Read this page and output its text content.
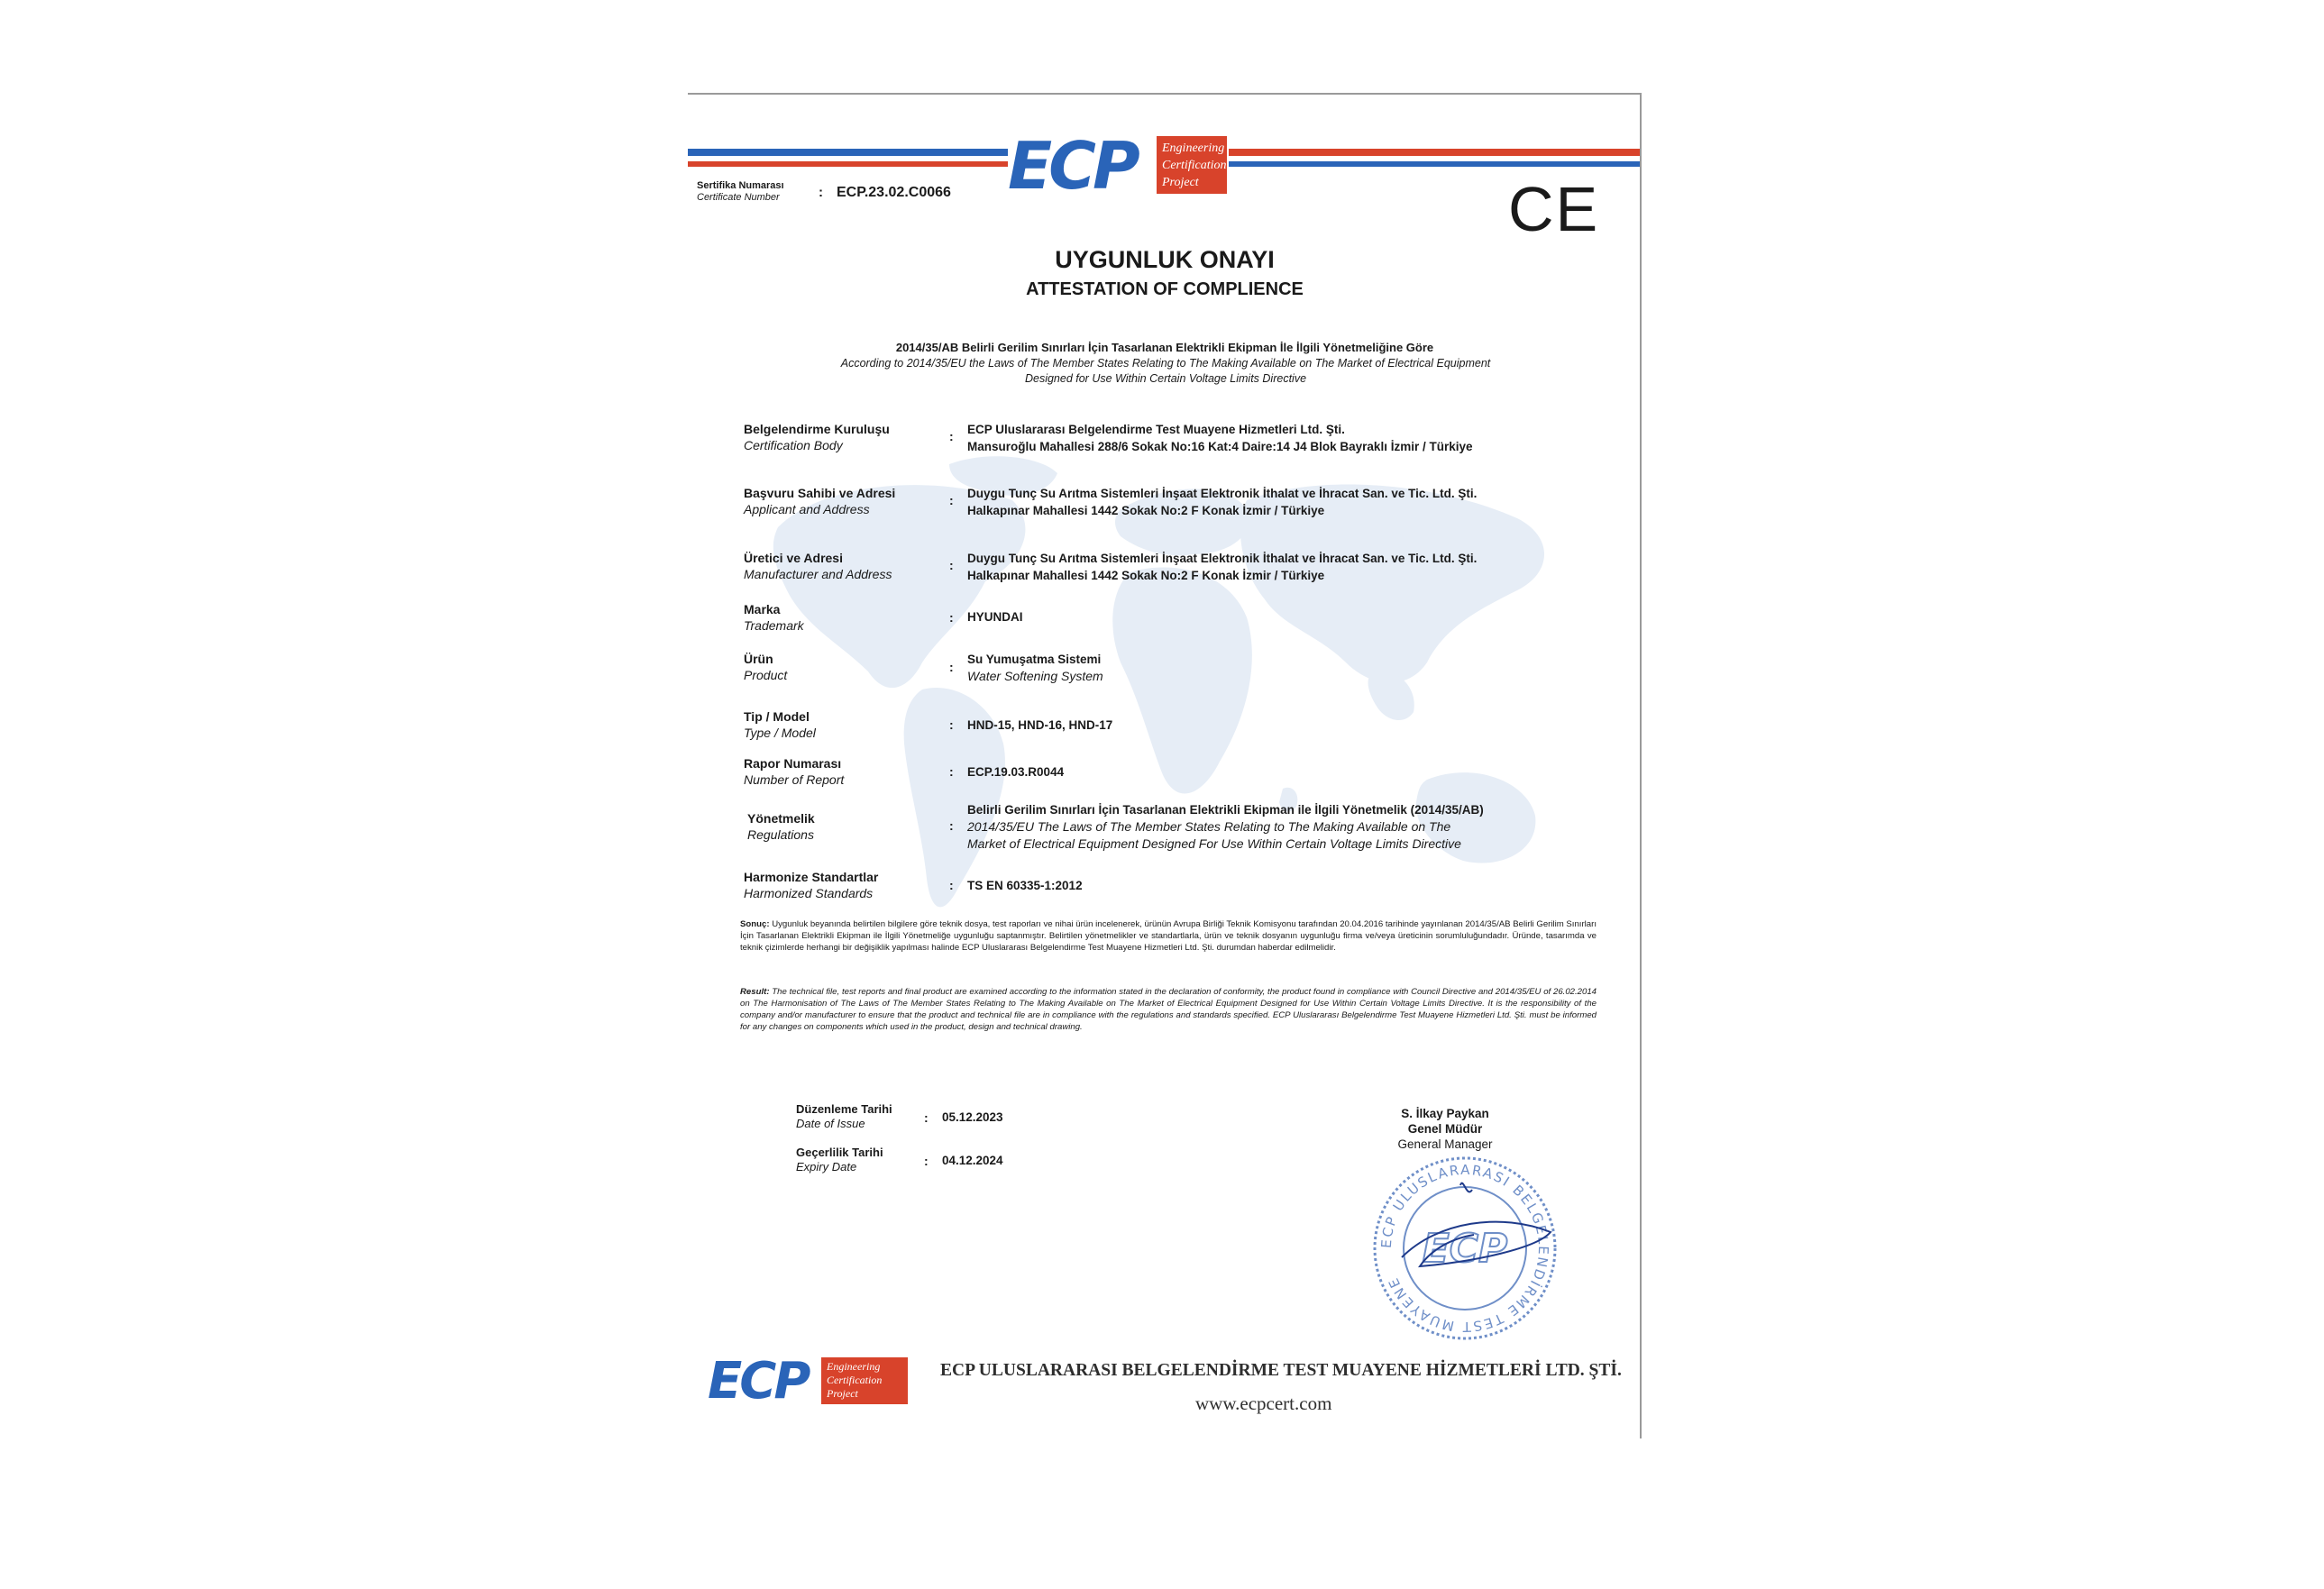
ECP Engineering
Certification
Project
Sertifika Numarası
Certificate Number	: ECP.23.02.C0066	CE
UYGUNLUK ONAYI
ATTESTATION OF COMPLIENCE
2014/35/AB Belirli Gerilim Sınırları İçin Tasarlanan Elektrikli Ekipman İle İlgili Yönetmeliğine Göre
According to 2014/35/EU the Laws of The Member States Relating to The Making Available on The Market of Electrical Equipment
Designed for Use Within Certain Voltage Limits Directive
Belgelendirme Kuruluşu
Certification Body
: ECP Uluslararası Belgelendirme Test Muayene Hizmetleri Ltd. Şti.
Mansuroğlu Mahallesi 288/6 Sokak No:16 Kat:4 Daire:14 J4 Blok Bayraklı İzmir / Türkiye
Başvuru Sahibi ve Adresi
Applicant and Address
: Duygu Tunç Su Arıtma Sistemleri İnşaat Elektronik İthalat ve İhracat San. ve Tic. Ltd. Şti.
Halkapınar Mahallesi 1442 Sokak No:2 F Konak İzmir / Türkiye
Üretici ve Adresi
Manufacturer and Address
: Duygu Tunç Su Arıtma Sistemleri İnşaat Elektronik İthalat ve İhracat San. ve Tic. Ltd. Şti.
Halkapınar Mahallesi 1442 Sokak No:2 F Konak İzmir / Türkiye
Marka
Trademark
: HYUNDAI
Ürün
Product
:
Su Yumuşatma Sistemi
Water Softening System
Tip / Model
Type / Model
: HND-15, HND-16, HND-17
Rapor Numarası
Number of Report
: ECP.19.03.R0044
Yönetmelik
Regulations
:
Belirli Gerilim Sınırları İçin Tasarlanan Elektrikli Ekipman ile İlgili Yönetmelik (2014/35/AB)
2014/35/EU The Laws of The Member States Relating to The Making Available on The
Market of Electrical Equipment Designed For Use Within Certain Voltage Limits Directive
Harmonize Standartlar
Harmonized Standards
: TS EN 60335-1:2012
Sonuç: Uygunluk beyanında belirtilen bilgilere göre teknik dosya, test raporları ve nihai ürün incelenerek, ürünün Avrupa Birliği Teknik Komisyonu tarafından 20.04.2016 tarihinde yayınlanan 2014/35/AB Belirli Gerilim Sınırları İçin Tasarlanan Elektrikli Ekipman ile İlgili Yönetmeliğe uygunluğu saptanmıştır. Belirtilen yönetmelikler ve standartlarla, ürün ve teknik dosyanın uygunluğu firma ve/veya üreticinin sorumluluğundadır. Üründe, tasarımda ve teknik çizimlerde herhangi bir değişiklik yapılması halinde ECP Uluslararası Belgelendirme Test Muayene Hizmetleri Ltd. Şti. durumdan haberdar edilmelidir.
Result: The technical file, test reports and final product are examined according to the information stated in the declaration of conformity, the product found in compliance with Council Directive and 2014/35/EU of 26.02.2014 on The Harmonisation of The Laws of The Member States Relating to The Making Available on The Market of Electrical Equipment Designed for Use Within Certain Voltage Limits Directive. It is the responsibility of the company and/or manufacturer to ensure that the product and technical file are in compliance with the regulations and standards specified. ECP Uluslararası Belgelendirme Test Muayene Hizmetleri Ltd. Şti. must be informed for any changes on components which used in the product, design and technical drawing.
Düzenleme Tarihi
Date of Issue	: 05.12.2023
Geçerlilik Tarihi
Expiry Date	: 04.12.2024
S. İlkay Paykan
Genel Müdür
General Manager
ECP ULUSLARARASI BELGELENDİRME TEST MUAYENE
ECP
ECP Engineering
Certification
Project
ECP ULUSLARARASI BELGELENDİRME TEST MUAYENE HİZMETLERİ LTD. ŞTİ.
www.ecpcert.com
